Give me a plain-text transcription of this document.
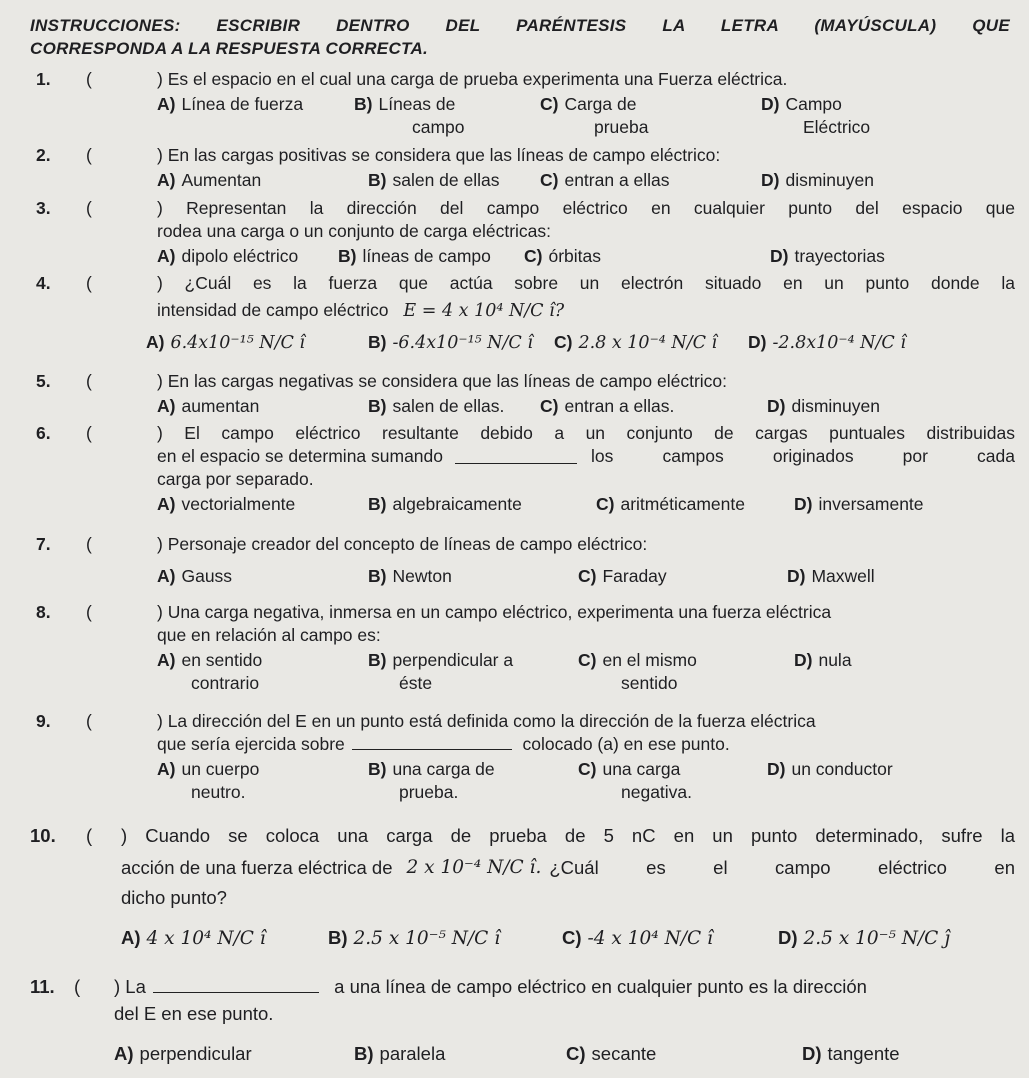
INSTRUCCIONES: ESCRIBIR DENTRO DEL PARÉNTESIS LA LETRA (MAYÚSCULA) QUE
CORRESPONDA A LA RESPUESTA CORRECTA.
1. (	) Es el espacio en el cual una carga de prueba experimenta una Fuerza eléctrica.
A) Línea de fuerza	B) Líneas de
campo
C) Carga de
prueba
D) Campo
Eléctrico
2. (	) En las cargas positivas se considera que las líneas de campo eléctrico:
A) Aumentan	B) salen de ellas C) entran a ellas	D) disminuyen
3. (	) Representan la dirección del campo eléctrico en cualquier punto del espacio que
rodea una carga o un conjunto de carga eléctricas:
A) dipolo eléctrico B) líneas de campo C) órbitas	D) trayectorias
4. (	) ¿Cuál es la fuerza que actúa sobre un electrón situado en un punto donde la
intensidad de campo eléctrico E = 4 x 10⁴ N/C î?
A) 6.4x10⁻¹⁵ N/C î	B) -6.4x10⁻¹⁵ N/C î C) 2.8 x 10⁻⁴ N/C î D) -2.8x10⁻⁴ N/C î
5. (	) En las cargas negativas se considera que las líneas de campo eléctrico:
A) aumentan	B) salen de ellas. C) entran a ellas.	D) disminuyen
6. (	) El campo eléctrico resultante debido a un conjunto de cargas puntuales distribuidas
en el espacio se determina sumando	los campos originados por cada
carga por separado.
A) vectorialmente	B) algebraicamente	C) aritméticamente	D) inversamente
7. (	) Personaje creador del concepto de líneas de campo eléctrico:
A) Gauss	B) Newton	C) Faraday	D) Maxwell
8. (	) Una carga negativa, inmersa en un campo eléctrico, experimenta una fuerza eléctrica
que en relación al campo es:
A) en sentido
contrario
B) perpendicular a
éste
C) en el mismo
sentido
D) nula
9. (	) La dirección del E en un punto está definida como la dirección de la fuerza eléctrica
que sería ejercida sobre	colocado (a) en ese punto.
A) un cuerpo
neutro.
B) una carga de
prueba.
C) una carga
negativa.
D) un conductor
10. (	) Cuando se coloca una carga de prueba de 5 nC en un punto determinado, sufre la
acción de una fuerza eléctrica de 2 x 10⁻⁴ N/C î. ¿Cuál es el campo eléctrico en
dicho punto?
A) 4 x 10⁴ N/C î	B) 2.5 x 10⁻⁵ N/C î	C) -4 x 10⁴ N/C î	D) 2.5 x 10⁻⁵ N/C ĵ
11. (	) La	a una línea de campo eléctrico en cualquier punto es la dirección
del E en ese punto.
A) perpendicular	B) paralela	C) secante	D) tangente
